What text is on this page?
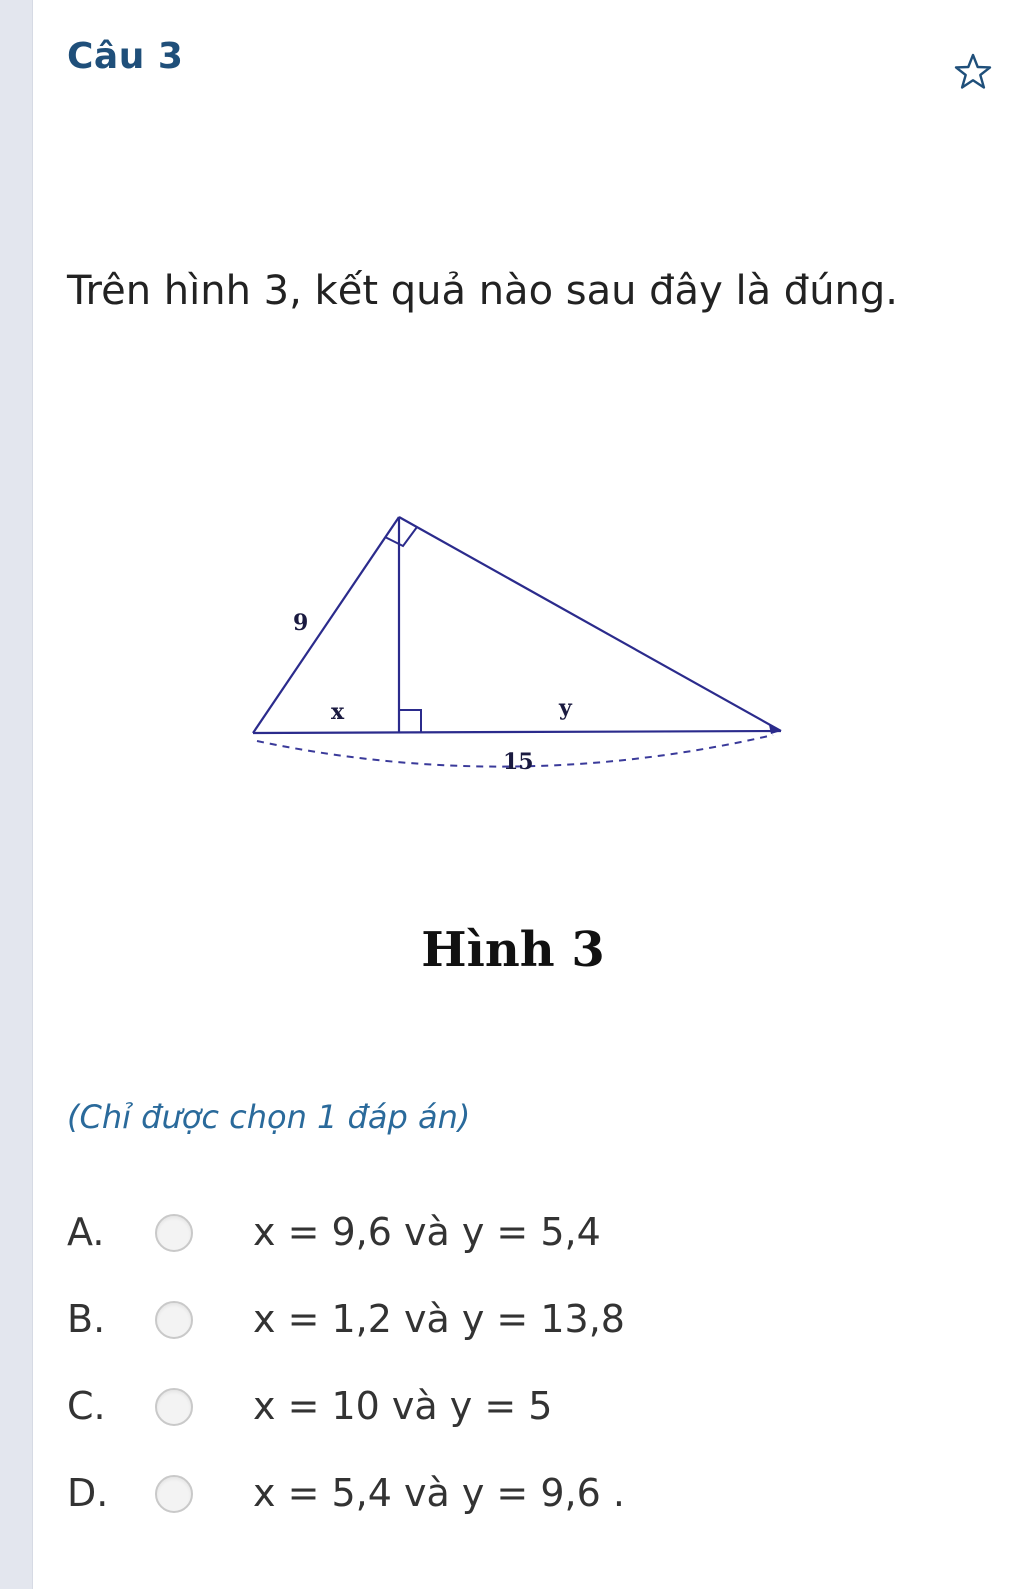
Câu 3
Trên hình 3, kết quả nào sau đây là đúng.
9
x	y
15
Hình 3
(Chỉ được chọn 1 đáp án)
A.	x = 9,6 và y = 5,4
B.	x = 1,2 và y = 13,8
C.	x = 10 và y = 5
D.	x = 5,4 và y = 9,6 .
